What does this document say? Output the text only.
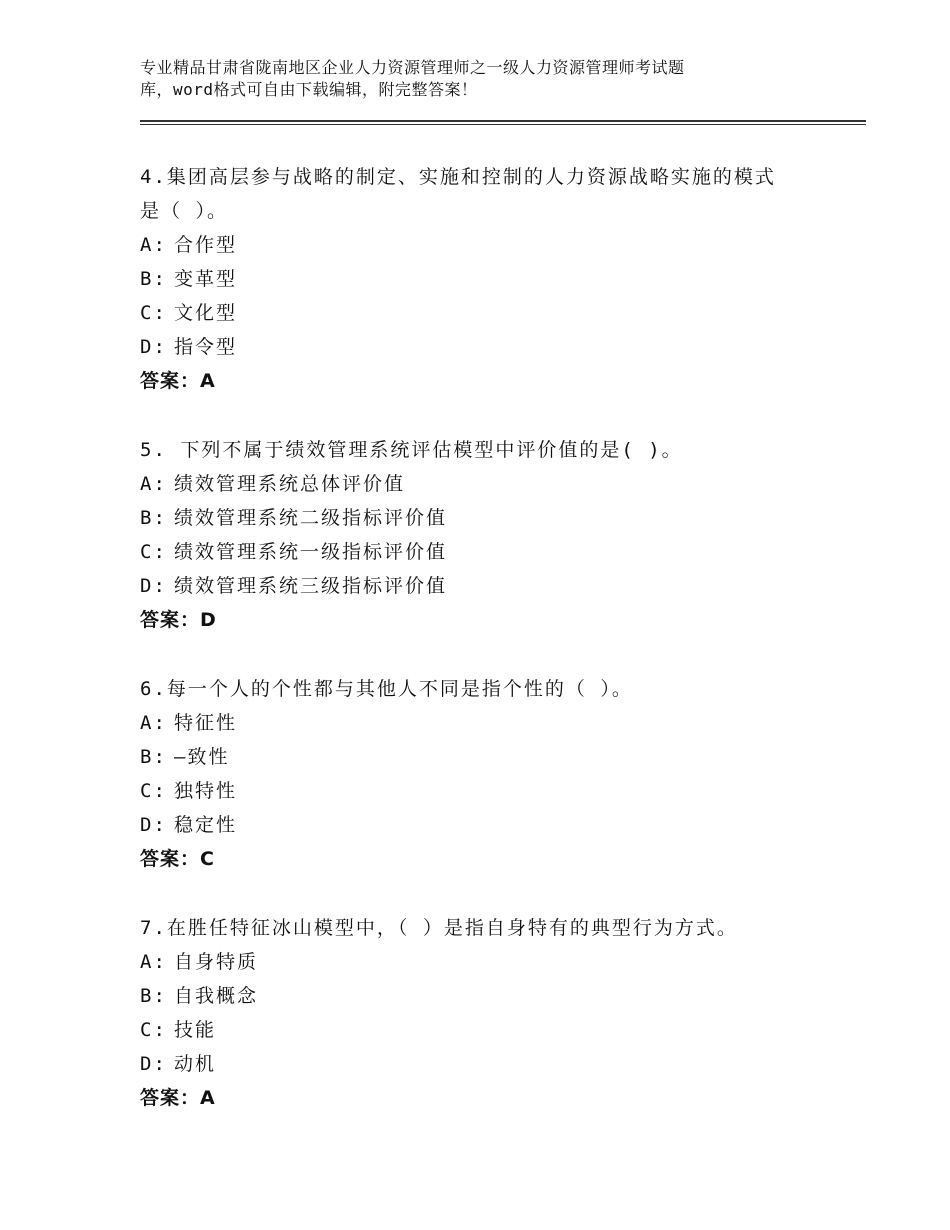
专业精品甘肃省陇南地区企业人力资源管理师之一级人力资源管理师考试题
库，word格式可自由下载编辑，附完整答案！
4.集团高层参与战略的制定、实施和控制的人力资源战略实施的模式
是（ ）。
A: 合作型
B: 变革型
C: 文化型
D: 指令型
答案：A
5. 下列不属于绩效管理系统评估模型中评价值的是( )。
A: 绩效管理系统总体评价值
B: 绩效管理系统二级指标评价值
C: 绩效管理系统一级指标评价值
D: 绩效管理系统三级指标评价值
答案：D
6.每一个人的个性都与其他人不同是指个性的（ ）。
A: 特征性
B: —致性
C: 独特性
D: 稳定性
答案：C
7.在胜任特征冰山模型中，（ ）是指自身特有的典型行为方式。
A: 自身特质
B: 自我概念
C: 技能
D: 动机
答案：A
